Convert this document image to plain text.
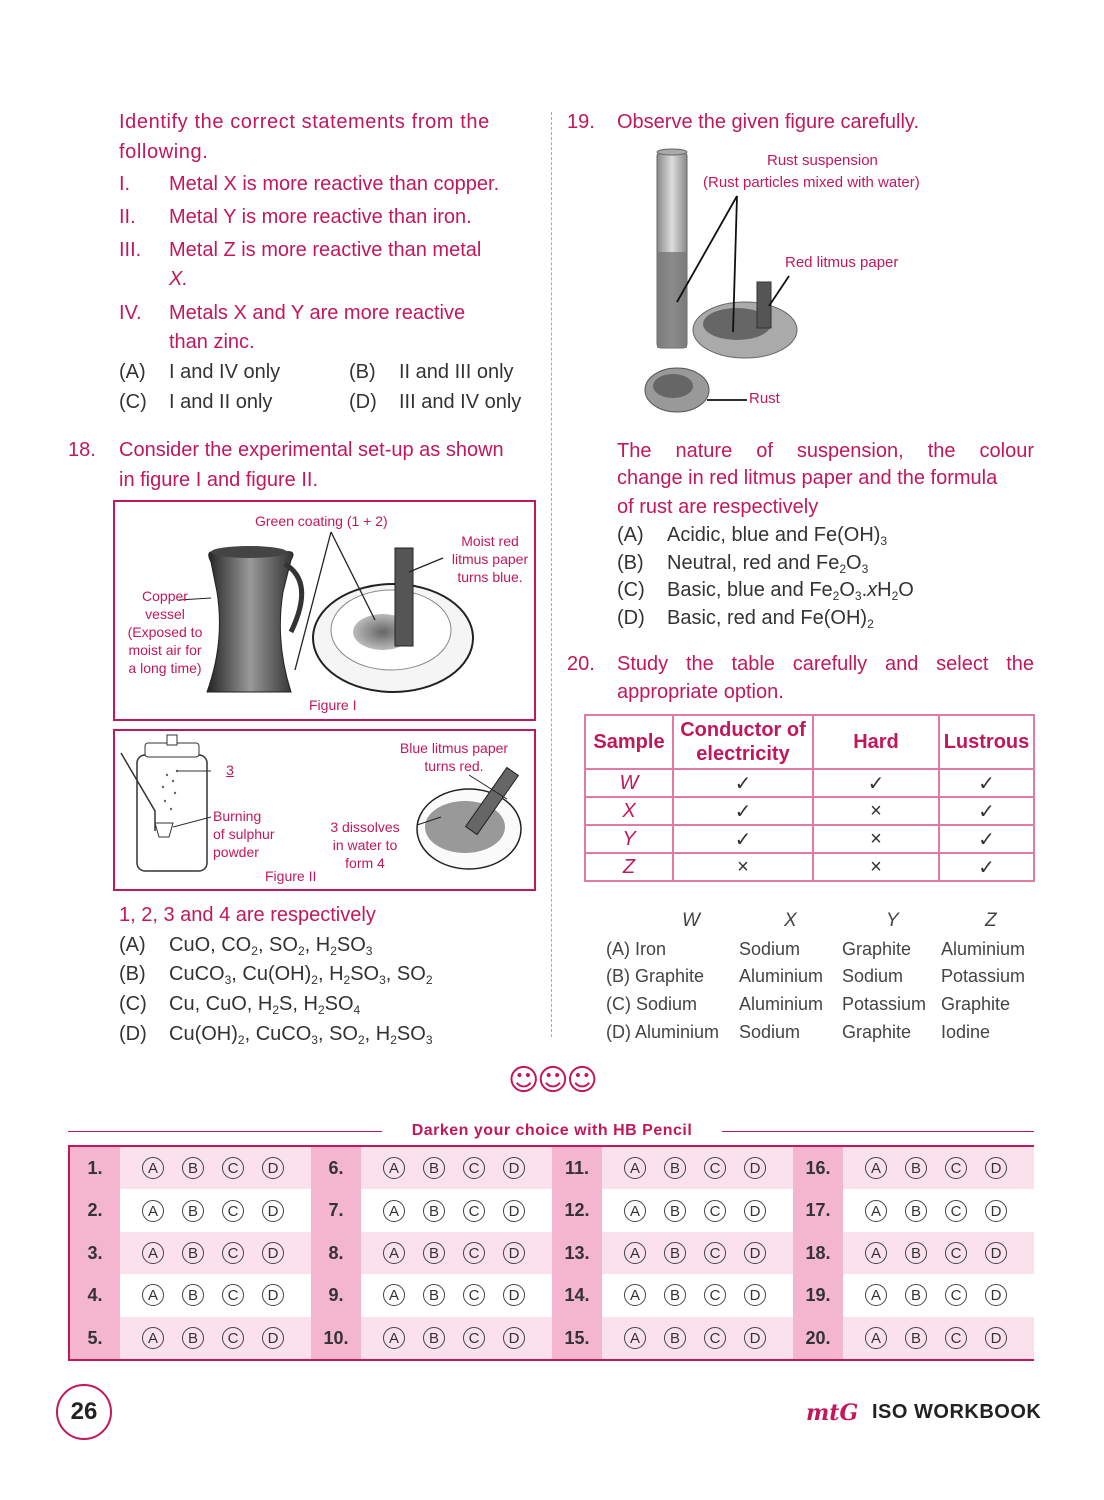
Identify the correct statements from the following.
I. Metal X is more reactive than copper.
II. Metal Y is more reactive than iron.
III. Metal Z is more reactive than metal
X.
IV. Metals X and Y are more reactive
than zinc.
(A) I and IV only	(B) II and III only
(C) I and II only	(D) III and IV only
18. Consider the experimental set-up as shown
in figure I and figure II.
Green coating (1 + 2)
Moist red
litmus paper
turns blue.
Copper
vessel
(Exposed to
moist air for
a long time)
Figure I
Blue litmus paper
turns red.
3
Burning
of sulphur
powder
3 dissolves
in water to
form 4
Figure II
1, 2, 3 and 4 are respectively
(A) CuO, $CO_2$, $SO_2$, $H_2SO_3$
(B) CuCO$_3$, $Cu(OH)_2$, $H_2SO_3$, $SO_2$
(C) Cu, CuO, $H_2S$, $H_2SO_4$
(D) $Cu(OH)_2$, CuCO$_3$, $SO_2$, $H_2SO_3$
19. Observe the given figure carefully.
Rust suspension
(Rust particles mixed with water)
Red litmus paper
Rust
The nature of suspension, the colour
change in red litmus paper and the formula
of rust are respectively
(A) Acidic, blue and $Fe(OH)_3$
(B) Neutral, red and $Fe_2O_3$
(C) Basic, blue and $Fe_2O_3.xH_2O$
(D) Basic, red and $Fe(OH)_2$
20. Study the table carefully and select the
appropriate option.
Sample	Conductor of electricity	Hard	Lustrous
W	✓	✓	✓
X	✓	×	✓
Y	✓	×	✓
Z	×	×	✓
W	X	Y	Z
(A) Iron	Sodium Graphite Aluminium
(B) Graphite Aluminium Sodium Potassium
(C) Sodium Aluminium Potassium Graphite
(D) Aluminium Sodium Graphite Iodine
☺☺☺
Darken your choice with HB Pencil
1.	A	B	C	D
2.	A	B	C	D
3.	A	B	C	D
4.	A	B	C	D
5.	A	B	C	D
6.	A	B	C	D
7.	A	B	C	D
8.	A	B	C	D
9.	A	B	C	D
10.	A	B	C	D
11.	A	B	C	D
12.	A	B	C	D
13.	A	B	C	D
14.	A	B	C	D
15.	A	B	C	D
16.	A	B	C	D
17.	A	B	C	D
18.	A	B	C	D
19.	A	B	C	D
20.	A	B	C	D
26	mtG ISO WORKBOOK
